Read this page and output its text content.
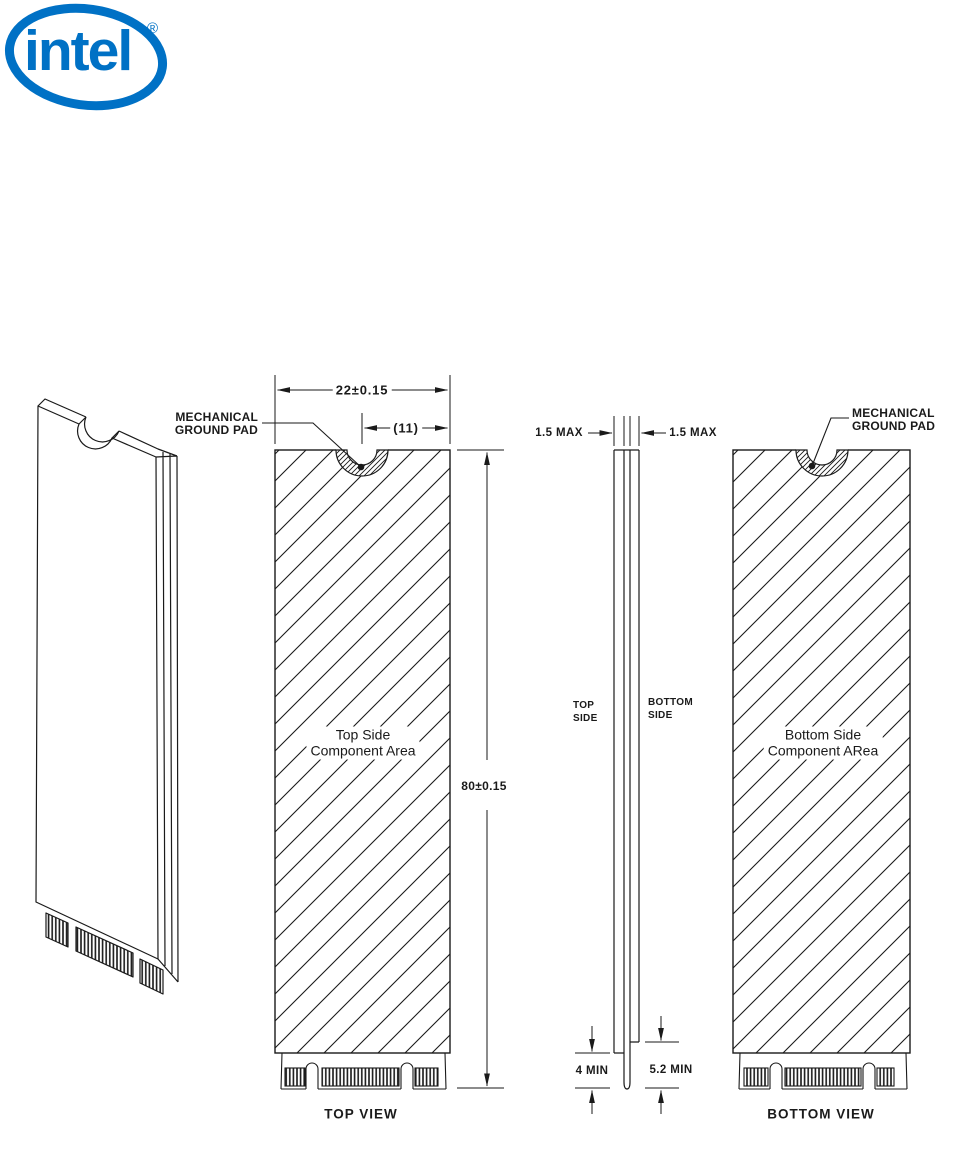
intel ®
MECHANICAL
GROUND PAD
22±0.15
(11)
80±0.15
Top Side
Component Area
TOP VIEW
1.5 MAX	1.5 MAX
TOP
SIDE
BOTTOM
SIDE
4 MIN	5.2 MIN
MECHANICAL
GROUND PAD
Bottom Side
Component ARea
BOTTOM VIEW
